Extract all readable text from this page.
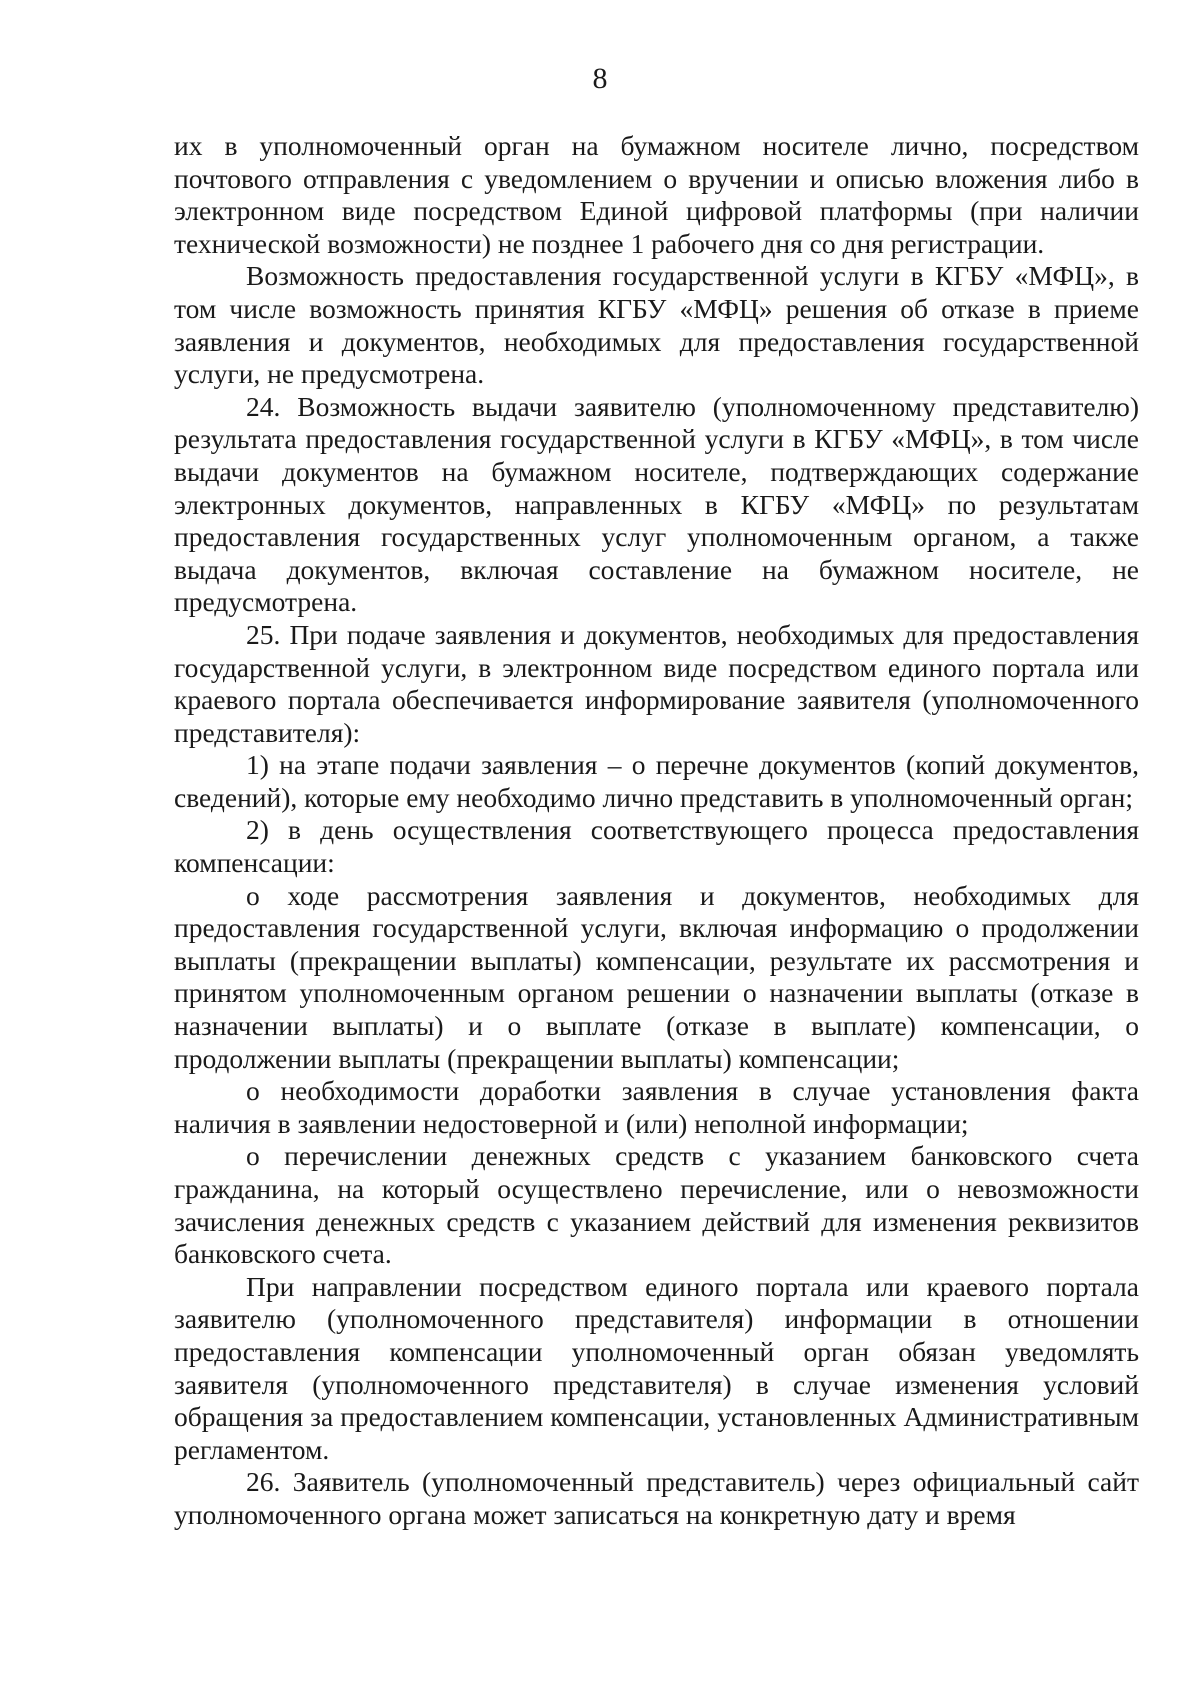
8

их в уполномоченный орган на бумажном носителе лично, посредством почтового отправления с уведомлением о вручении и описью вложения либо в электронном виде посредством Единой цифровой платформы (при наличии технической возможности) не позднее 1 рабочего дня со дня регистрации.

Возможность предоставления государственной услуги в КГБУ «МФЦ», в том числе возможность принятия КГБУ «МФЦ» решения об отказе в приеме заявления и документов, необходимых для предоставления государственной услуги, не предусмотрена.

24. Возможность выдачи заявителю (уполномоченному представителю) результата предоставления государственной услуги в КГБУ «МФЦ», в том числе выдачи документов на бумажном носителе, подтверждающих содержание электронных документов, направленных в КГБУ «МФЦ» по результатам предоставления государственных услуг уполномоченным органом, а также выдача документов, включая составление на бумажном носителе, не предусмотрена.

25. При подаче заявления и документов, необходимых для предоставления государственной услуги, в электронном виде посредством единого портала или краевого портала обеспечивается информирование заявителя (уполномоченного представителя):

1) на этапе подачи заявления – о перечне документов (копий документов, сведений), которые ему необходимо лично представить в уполномоченный орган;

2) в день осуществления соответствующего процесса предоставления компенсации:

о ходе рассмотрения заявления и документов, необходимых для предоставления государственной услуги, включая информацию о продолжении выплаты (прекращении выплаты) компенсации, результате их рассмотрения и принятом уполномоченным органом решении о назначении выплаты (отказе в назначении выплаты) и о выплате (отказе в выплате) компенсации, о продолжении выплаты (прекращении выплаты) компенсации;

о необходимости доработки заявления в случае установления факта наличия в заявлении недостоверной и (или) неполной информации;

о перечислении денежных средств с указанием банковского счета гражданина, на который осуществлено перечисление, или о невозможности зачисления денежных средств с указанием действий для изменения реквизитов банковского счета.

При направлении посредством единого портала или краевого портала заявителю (уполномоченного представителя) информации в отношении предоставления компенсации уполномоченный орган обязан уведомлять заявителя (уполномоченного представителя) в случае изменения условий обращения за предоставлением компенсации, установленных Административным регламентом.

26. Заявитель (уполномоченный представитель) через официальный сайт уполномоченного органа может записаться на конкретную дату и время
